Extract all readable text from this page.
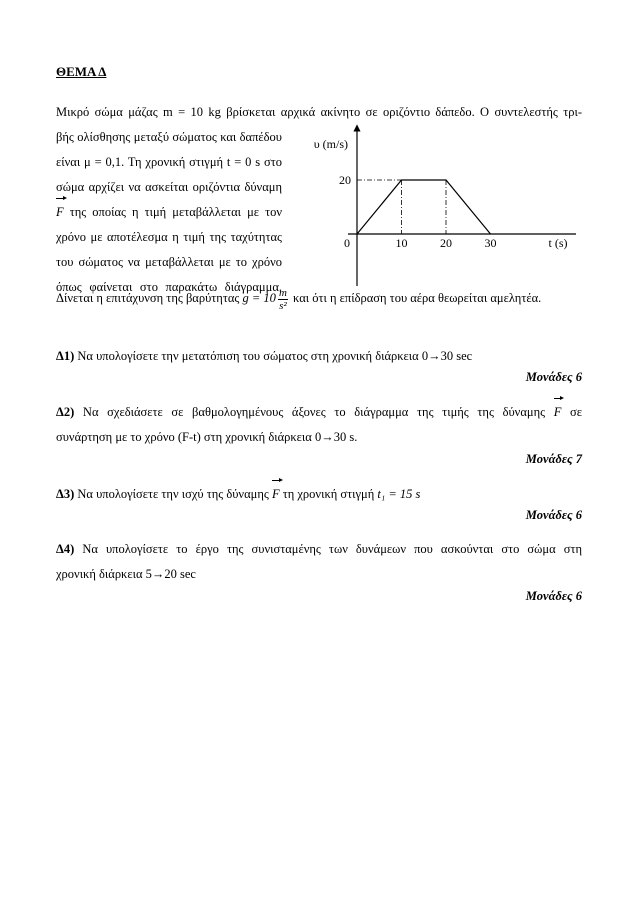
ΘΕΜΑ Δ
Μικρό σώμα μάζας m = 10 kg βρίσκεται αρχικά ακίνητο σε οριζόντιο δάπεδο. Ο συντελεστής τρι-
βής ολίσθησης μεταξύ σώματος και δαπέδου
είναι μ = 0,1. Τη χρονική στιγμή t = 0 s στο
σώμα αρχίζει να ασκείται οριζόντια δύναμη
F της οποίας η τιμή μεταβάλλεται με τον
χρόνο με αποτέλεσμα η τιμή της ταχύτητας
του σώματος να μεταβάλλεται με το χρόνο
όπως φαίνεται στο παρακάτω διάγραμμα.
υ (m/s)
t (s)
0	10	20	30
20
Δίνεται η επιτάχυνση της βαρύτητας $g = 10 \frac{m}{\text{s²}}$ και ότι η επίδραση του αέρα θεωρείται αμελητέα.
Δ1) Να υπολογίσετε την μετατόπιση του σώματος στη χρονική διάρκεια 0→30 sec
Μονάδες 6
Δ2) Να σχεδιάσετε σε βαθμολογημένους άξονες το διάγραμμα της τιμής της δύναμης F σε
συνάρτηση με το χρόνο (F-t) στη χρονική διάρκεια 0→30 s.
Μονάδες 7
Δ3) Να υπολογίσετε την ισχύ της δύναμης F τη χρονική στιγμή t₁ = 15 s
Μονάδες 6
Δ4) Να υπολογίσετε το έργο της συνισταμένης των δυνάμεων που ασκούνται στο σώμα στη
χρονική διάρκεια 5→20 sec
Μονάδες 6
